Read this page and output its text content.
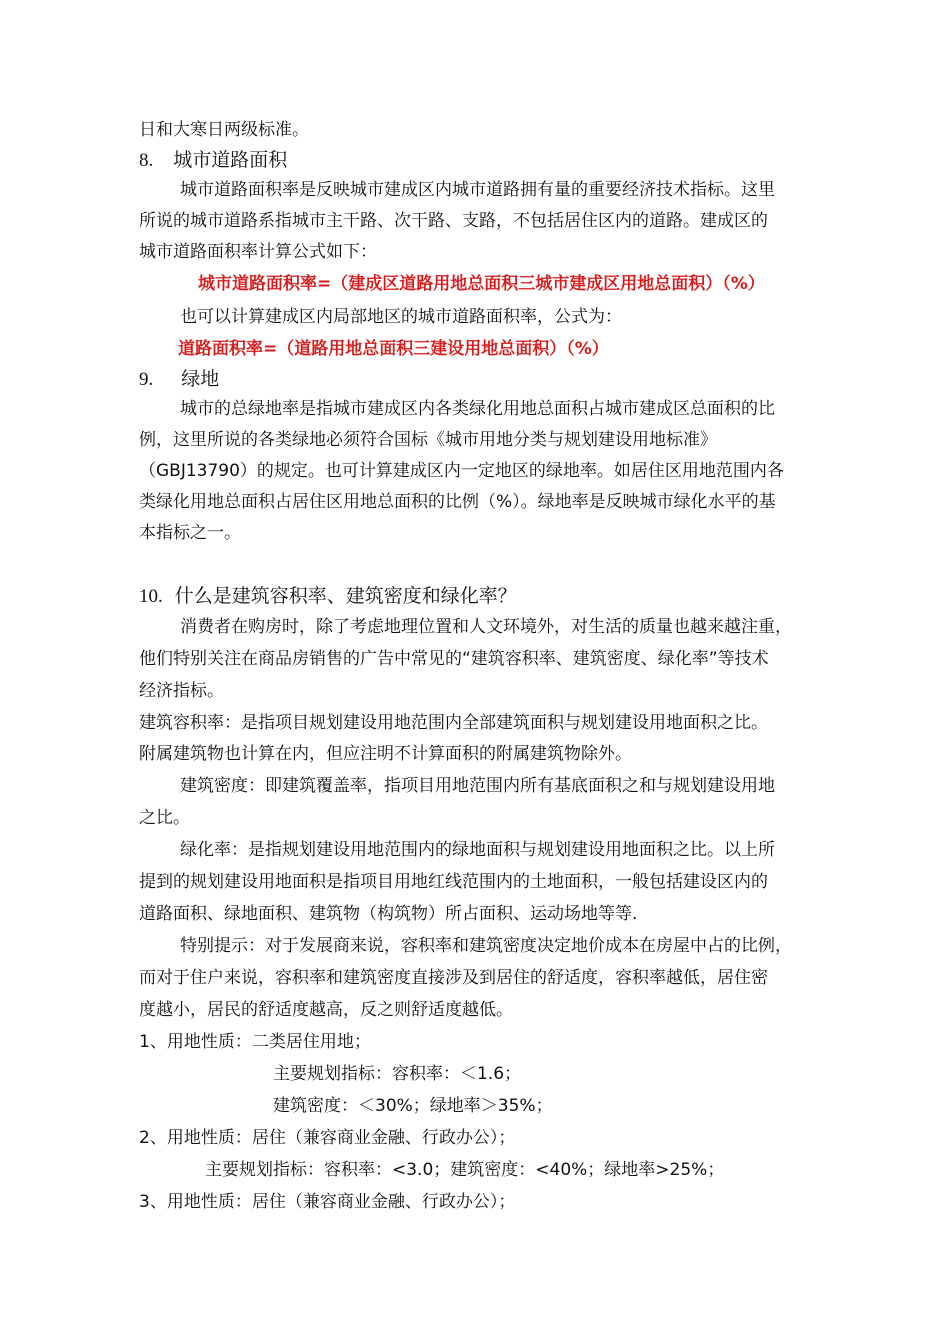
日和大寒日两级标准。
8. 城市道路面积
城市道路面积率是反映城市建成区内城市道路拥有量的重要经济技术指标。这里
所说的城市道路系指城市主干路、次干路、支路，不包括居住区内的道路。建成区的
城市道路面积率计算公式如下：
城市道路面积率=（建成区道路用地总面积三城市建成区用地总面积）（%）
也可以计算建成区内局部地区的城市道路面积率，公式为：
道路面积率=（道路用地总面积三建设用地总面积）（%）
9. 绿地
城市的总绿地率是指城市建成区内各类绿化用地总面积占城市建成区总面积的比
例，这里所说的各类绿地必须符合国标《城市用地分类与规划建设用地标准》
（GBJ13790）的规定。也可计算建成区内一定地区的绿地率。如居住区用地范围内各
类绿化用地总面积占居住区用地总面积的比例（%）。绿地率是反映城市绿化水平的基
本指标之一。
10. 什么是建筑容积率、建筑密度和绿化率？
消费者在购房时，除了考虑地理位置和人文环境外，对生活的质量也越来越注重，
他们特别关注在商品房销售的广告中常见的“建筑容积率、建筑密度、绿化率”等技术
经济指标。
建筑容积率：是指项目规划建设用地范围内全部建筑面积与规划建设用地面积之比。
附属建筑物也计算在内，但应注明不计算面积的附属建筑物除外。
建筑密度：即建筑覆盖率，指项目用地范围内所有基底面积之和与规划建设用地
之比。
绿化率：是指规划建设用地范围内的绿地面积与规划建设用地面积之比。以上所
提到的规划建设用地面积是指项目用地红线范围内的土地面积，一般包括建设区内的
道路面积、绿地面积、建筑物（构筑物）所占面积、运动场地等等.
特别提示：对于发展商来说，容积率和建筑密度决定地价成本在房屋中占的比例，
而对于住户来说，容积率和建筑密度直接涉及到居住的舒适度，容积率越低，居住密
度越小，居民的舒适度越高，反之则舒适度越低。
1、用地性质：二类居住用地；
主要规划指标：容积率：＜1.6；
建筑密度：＜30%；绿地率＞35%；
2、用地性质：居住（兼容商业金融、行政办公）；
主要规划指标：容积率：<3.0；建筑密度：<40%；绿地率>25%；
3、用地性质：居住（兼容商业金融、行政办公）；
